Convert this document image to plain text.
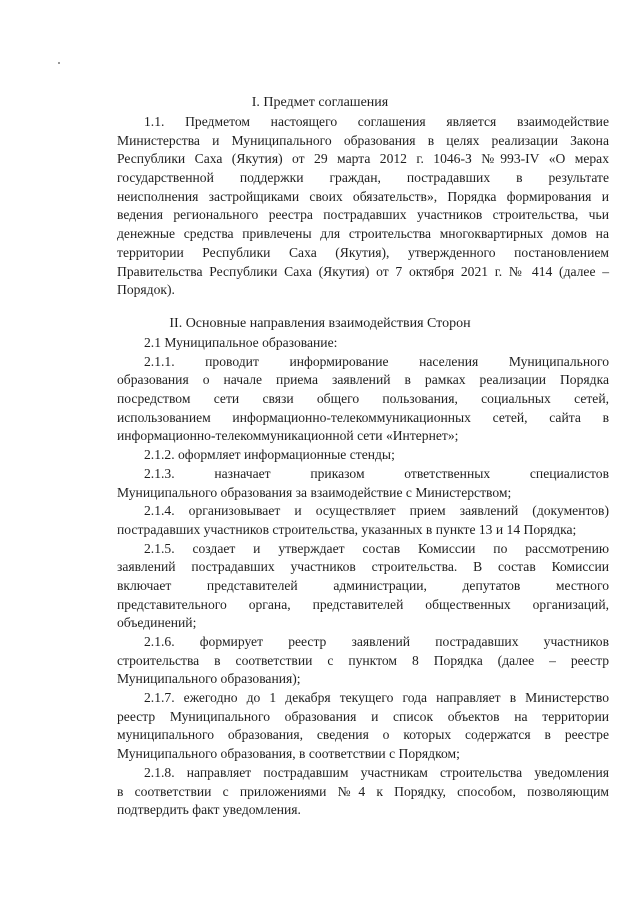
I. Предмет соглашения
1.1. Предметом настоящего соглашения является взаимодействие
Министерства и Муниципального образования в целях реализации Закона
Республики Саха (Якутия) от 29 марта 2012 г. 1046-З №993-IV «О мерах
государственной поддержки граждан, пострадавших в результате
неисполнения застройщиками своих обязательств», Порядка формирования и
ведения регионального реестра пострадавших участников строительства, чьи
денежные средства привлечены для строительства многоквартирных домов на
территории Республики Саха (Якутия), утвержденного постановлением
Правительства Республики Саха (Якутия) от 7 октября 2021 г. № 414 (далее –
Порядок).
II. Основные направления взаимодействия Сторон
2.1 Муниципальное образование:
2.1.1. проводит информирование населения Муниципального
образования о начале приема заявлений в рамках реализации Порядка
посредством сети связи общего пользования, социальных сетей,
использованием информационно-телекоммуникационных сетей, сайта в
информационно-телекоммуникационной сети «Интернет»;
2.1.2. оформляет информационные стенды;
2.1.3. назначает приказом ответственных специалистов
Муниципального образования за взаимодействие с Министерством;
2.1.4. организовывает и осуществляет прием заявлений (документов)
пострадавших участников строительства, указанных в пункте 13 и 14 Порядка;
2.1.5. создает и утверждает состав Комиссии по рассмотрению
заявлений пострадавших участников строительства. В состав Комиссии
включает представителей администрации, депутатов местного
представительного органа, представителей общественных организаций,
объединений;
2.1.6. формирует реестр заявлений пострадавших участников
строительства в соответствии с пунктом 8 Порядка (далее – реестр
Муниципального образования);
2.1.7. ежегодно до 1 декабря текущего года направляет в Министерство
реестр Муниципального образования и список объектов на территории
муниципального образования, сведения о которых содержатся в реестре
Муниципального образования, в соответствии с Порядком;
2.1.8. направляет пострадавшим участникам строительства уведомления
в соответствии с приложениями №4 к Порядку, способом, позволяющим
подтвердить факт уведомления.
